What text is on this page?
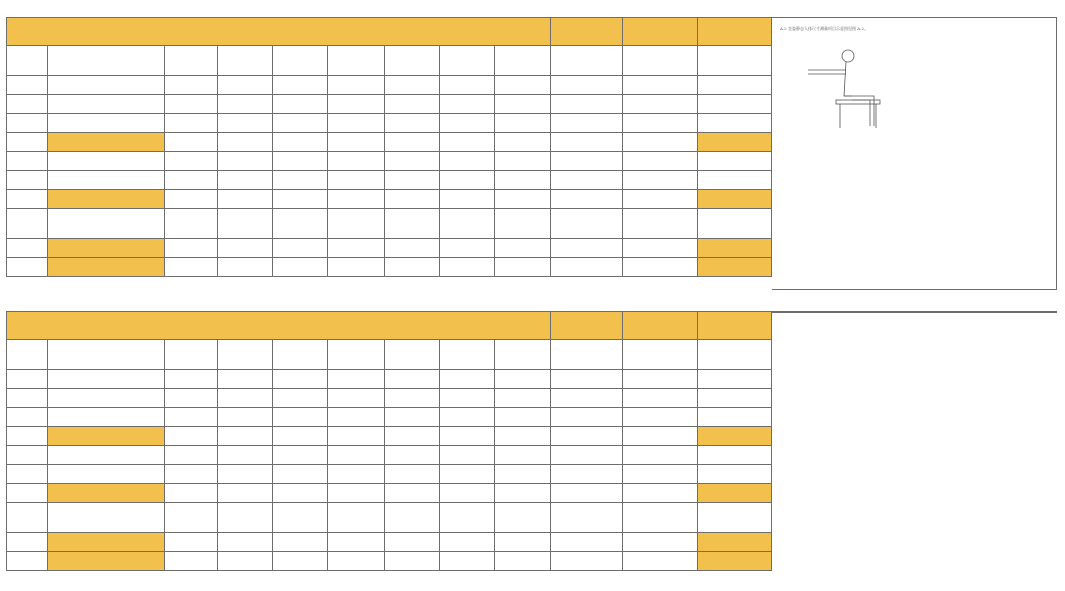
A.2 坐姿静态人体尺寸测量项目示意图见图 A.2。
